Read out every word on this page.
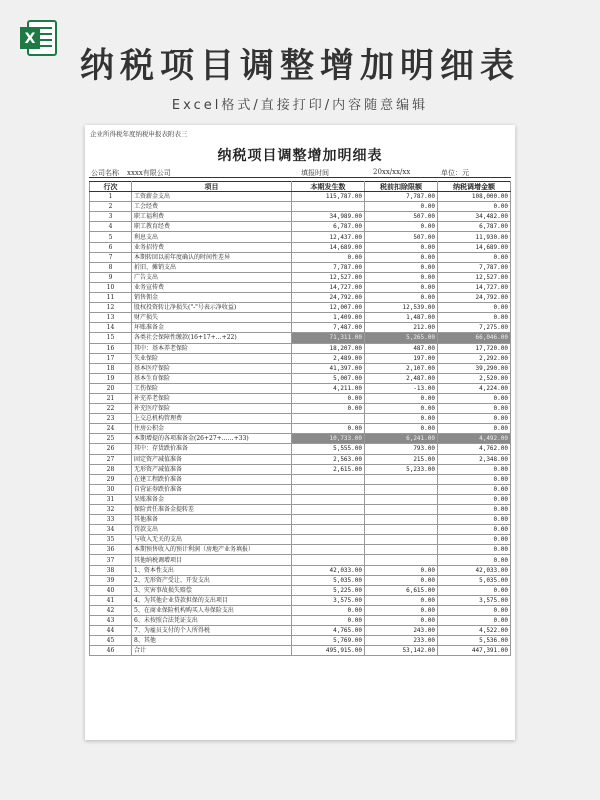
X
纳税项目调整增加明细表
Excel格式/直接打印/内容随意编辑
企业所得税年度纳税申报表附表三
纳税项目调整增加明细表
公司名称 xxxx有限公司	填报时间	20xx/xx/xx	单位：元
行次	项目	本期发生数	税前扣除限额	纳税调增金额
1	工资薪金支出	115,787.00	7,787.00	108,000.00
2	工会经费		0.00	0.00
3	职工福利费	34,989.00	507.00	34,482.00
4	职工教育经费	6,787.00	0.00	6,787.00
5	利息支出	12,437.00	507.00	11,930.00
6	业务招待费	14,689.00	0.00	14,689.00
7	本期转回以前年度确认的时间性差异	0.00	0.00	0.00
8	折旧、摊销支出	7,787.00	0.00	7,787.00
9	广告支出	12,527.00	0.00	12,527.00
10	业务宣传费	14,727.00	0.00	14,727.00
11	销售佣金	24,792.00	0.00	24,792.00
12	股权投资转让净损失("-"号表示净收益)	12,007.00	12,539.00	0.00
13	财产损失	1,409.00	1,487.00	0.00
14	坏账准备金	7,487.00	212.00	7,275.00
15	各类社会保障性缴款(16+17+…+22)	71,311.00	5,265.00	66,046.00
16	其中：基本养老保险	18,207.00	487.00	17,720.00
17	失业保险	2,489.00	197.00	2,292.00
18	基本医疗保险	41,397.00	2,107.00	39,290.00
19	基本生育保险	5,007.00	2,487.00	2,520.00
20	工伤保险	4,211.00	-13.00	4,224.00
21	补充养老保险	0.00	0.00	0.00
22	补充医疗保险	0.00	0.00	0.00
23	上交总机构管理费		0.00	0.00
24	住房公积金	0.00	0.00	0.00
25	本期增提的各项准备金(26+27+……+33)	10,733.00	6,241.00	4,492.00
26	其中：存货跌价准备	5,555.00	793.00	4,762.00
27	固定资产减值准备	2,563.00	215.00	2,348.00
28	无形资产减值准备	2,615.00	5,233.00	0.00
29	在建工程跌价准备			0.00
30	自营证券跌价准备			0.00
31	呆账准备金			0.00
32	保险责任准备金提转差			0.00
33	其他准备			0.00
34	罚款支出			0.00
35	与收入无关的支出			0.00
36	本期预售收入的预计利润（房地产业务填报）			0.00
37	其他纳税调增项目			0.00
38	1、资本性支出	42,033.00	0.00	42,033.00
39	2、无形资产受让、开发支出	5,035.00	0.00	5,035.00
40	3、灾害事故损失赔偿	5,225.00	6,615.00	0.00
41	4、为其他企业贷款担保的支出项目	3,575.00	0.00	3,575.00
42	5、在商业保险机构购买人寿保险支出	0.00	0.00	0.00
43	6、未按照合法凭证支出	0.00	0.00	0.00
44	7、为雇员支付的个人所得税	4,765.00	243.00	4,522.00
45	8、其他	5,769.00	233.00	5,536.00
46	合计	495,915.00	53,142.00	447,391.00
